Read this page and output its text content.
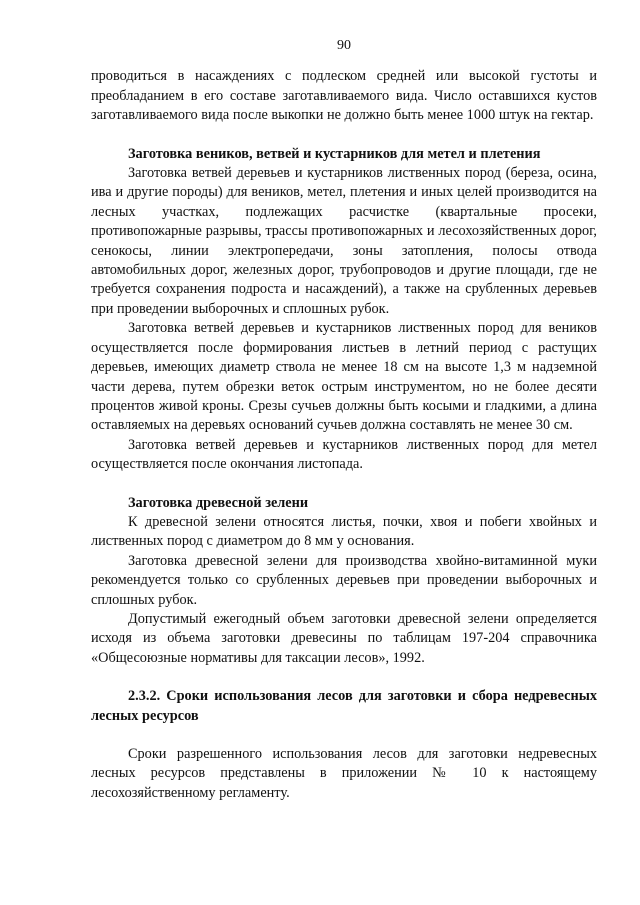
90

проводиться в насаждениях с подлеском средней или высокой густоты и преобладанием в его составе заготавливаемого вида. Число оставшихся кустов заготавливаемого вида после выкопки не должно быть менее 1000 штук на гектар.

Заготовка веников, ветвей и кустарников для метел и плетения

Заготовка ветвей деревьев и кустарников лиственных пород (береза, осина, ива и другие породы) для веников, метел, плетения и иных целей производится на лесных участках, подлежащих расчистке (квартальные просеки, противопожарные разрывы, трассы противопожарных и лесохозяйственных дорог, сенокосы, линии электропередачи, зоны затопления, полосы отвода автомобильных дорог, железных дорог, трубопроводов и другие площади, где не требуется сохранения подроста и насаждений), а также на срубленных деревьев при проведении выборочных и сплошных рубок.

Заготовка ветвей деревьев и кустарников лиственных пород для веников осуществляется после формирования листьев в летний период с растущих деревьев, имеющих диаметр ствола не менее 18 см на высоте 1,3 м надземной части дерева, путем обрезки веток острым инструментом, но не более десяти процентов живой кроны. Срезы сучьев должны быть косыми и гладкими, а длина оставляемых на деревьях оснований сучьев должна составлять не менее 30 см.

Заготовка ветвей деревьев и кустарников лиственных пород для метел осуществляется после окончания листопада.

Заготовка древесной зелени

К древесной зелени относятся листья, почки, хвоя и побеги хвойных и лиственных пород с диаметром до 8 мм у основания.

Заготовка древесной зелени для производства хвойно-витаминной муки рекомендуется только со срубленных деревьев при проведении выборочных и сплошных рубок.

Допустимый ежегодный объем заготовки древесной зелени определяется исходя из объема заготовки древесины по таблицам 197-204 справочника «Общесоюзные нормативы для таксации лесов», 1992.

2.3.2. Сроки использования лесов для заготовки и сбора недревесных лесных ресурсов

Сроки разрешенного использования лесов для заготовки недревесных лесных ресурсов представлены в приложении № 10 к настоящему лесохозяйственному регламенту.
